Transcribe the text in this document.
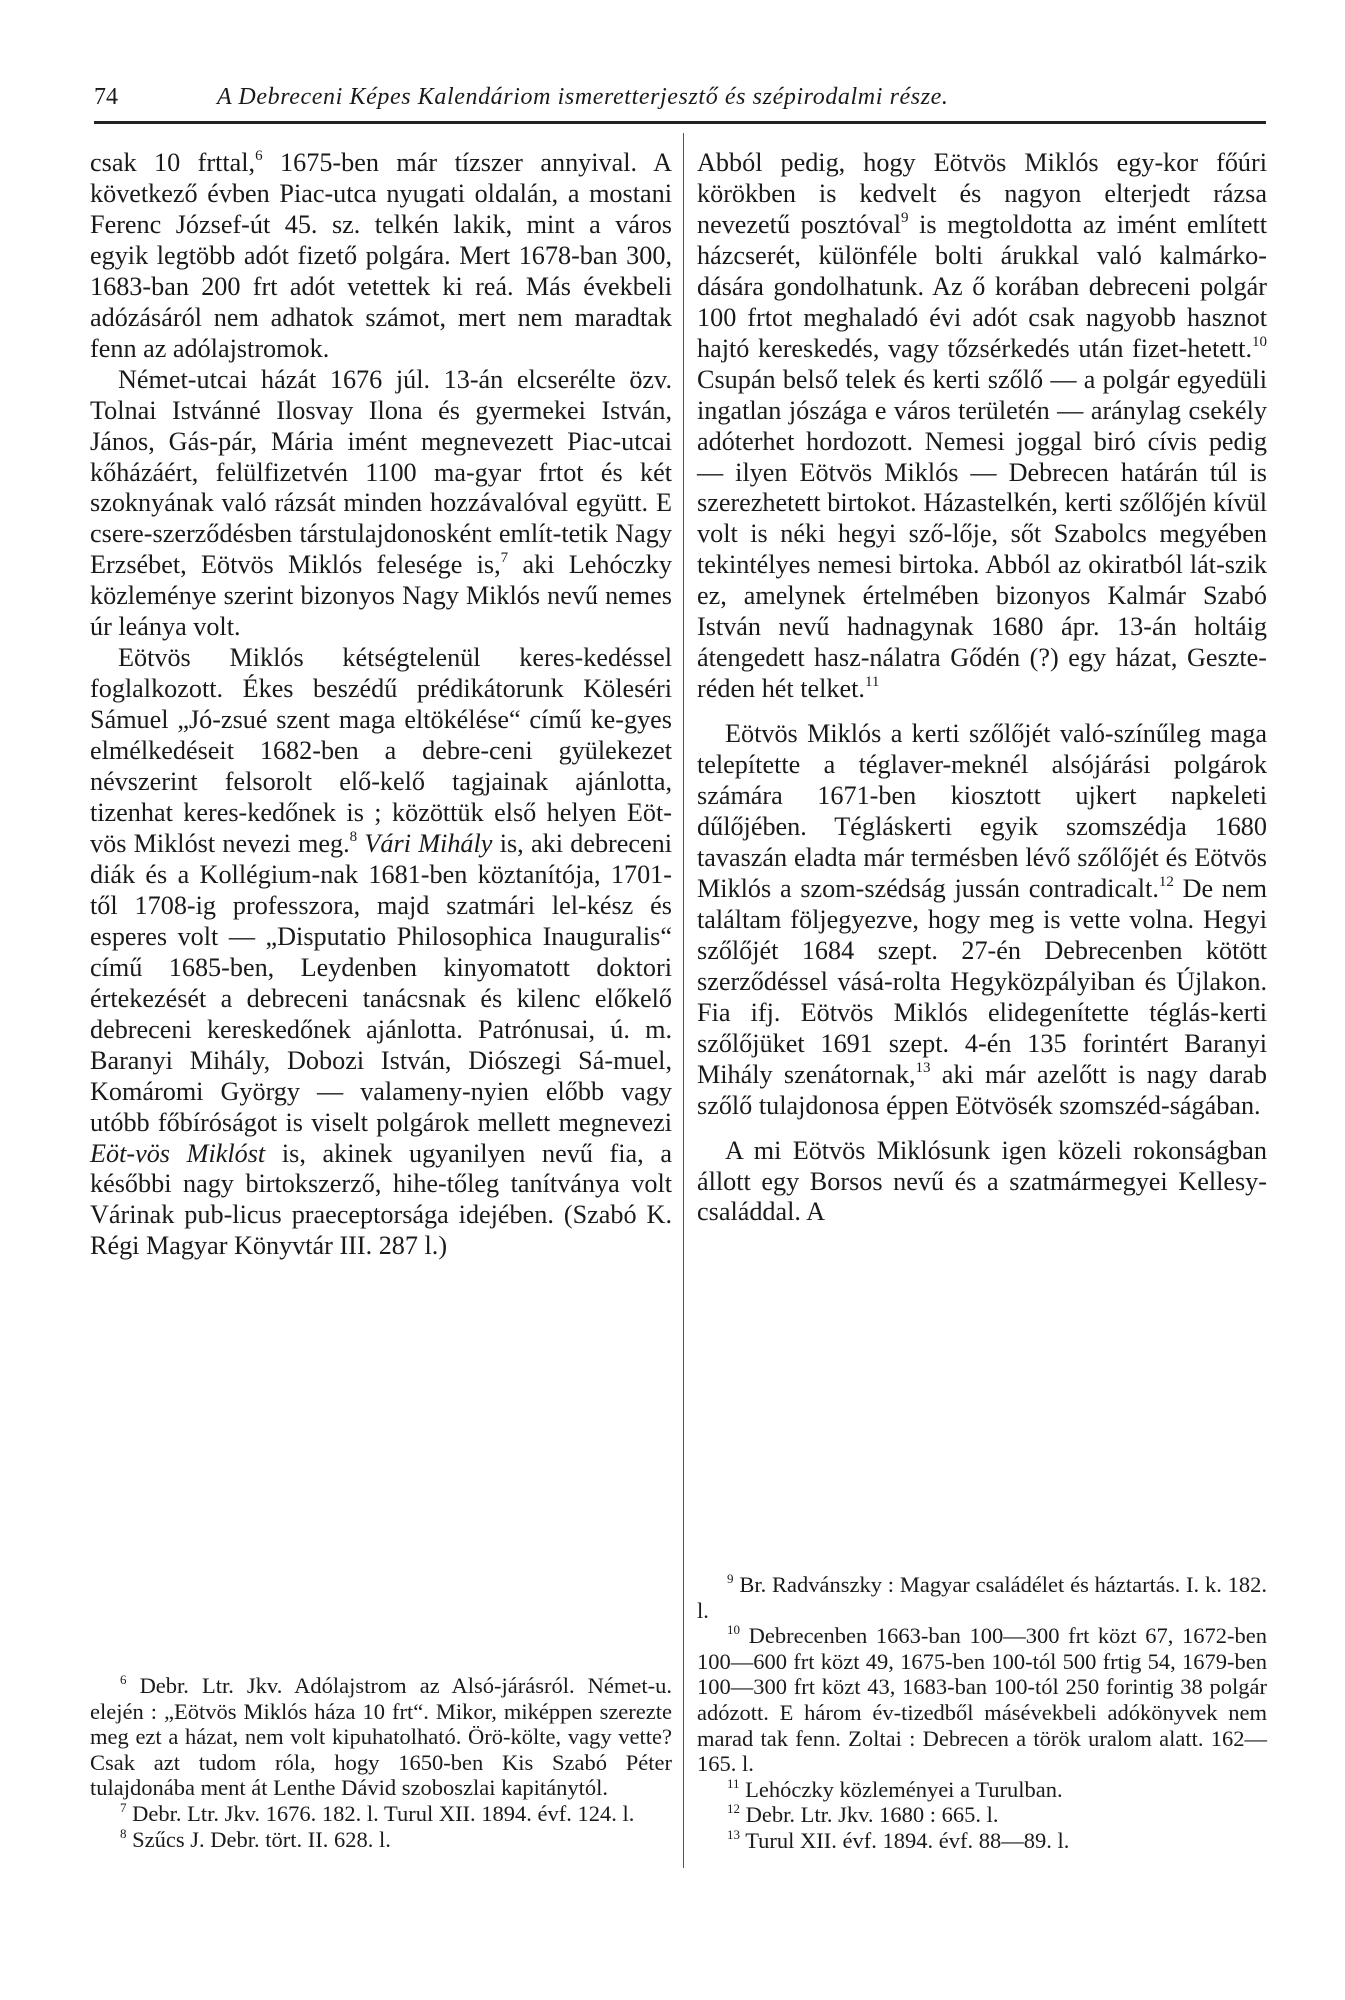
74	A Debreceni Képes Kalendáriom ismeretterjesztő és szépirodalmi része.

csak 10 frttal,$^6$ 1675-ben már tízszer annyival. A következő évben Piac-utca nyugati oldalán, a mostani Ferenc József-út 45. sz. telkén lakik, mint a város egyik legtöbb adót fizető polgára. Mert 1678-ban 300, 1683-ban 200 frt adót vetettek ki reá. Más évekbeli adózásáról nem adhatok számot, mert nem maradtak fenn az adólajstromok.

Német-utcai házát 1676 júl. 13-án elcserélte özv. Tolnai Istvánné Ilosvay Ilona és gyermekei István, János, Gás-pár, Mária imént megnevezett Piac-utcai kőházáért, felülfizetvén 1100 ma-gyar frtot és két szoknyának való rázsát minden hozzávalóval együtt. E csere-szerződésben társtulajdonosként említ-tetik Nagy Erzsébet, Eötvös Miklós felesége is,$^7$ aki Lehóczky közleménye szerint bizonyos Nagy Miklós nevű nemes úr leánya volt.

Eötvös Miklós kétségtelenül keres-kedéssel foglalkozott. Ékes beszédű prédikátorunk Köleséri Sámuel „Jó-zsué szent maga eltökélése“ című ke-gyes elmélkedéseit 1682-ben a debre-ceni gyülekezet névszerint felsorolt elő-kelő tagjainak ajánlotta, tizenhat keres-kedőnek is ; közöttük első helyen Eöt-vös Miklóst nevezi meg.$^8$ Vári Mihály is, aki debreceni diák és a Kollégium-nak 1681-ben köztanítója, 1701-től 1708-ig professzora, majd szatmári lel-kész és esperes volt — „Disputatio Philosophica Inauguralis“ című 1685-ben, Leydenben kinyomatott doktori értekezését a debreceni tanácsnak és kilenc előkelő debreceni kereskedőnek ajánlotta. Patrónusai, ú. m. Baranyi Mihály, Dobozi István, Diószegi Sá-muel, Komáromi György — valameny-nyien előbb vagy utóbb főbíróságot is viselt polgárok mellett megnevezi Eöt-vös Miklóst is, akinek ugyanilyen nevű fia, a későbbi nagy birtokszerző, hihe-tőleg tanítványa volt Várinak pub-licus praeceptorsága idejében. (Szabó K. Régi Magyar Könyvtár III. 287 l.)

$^6$ Debr. Ltr. Jkv. Adólajstrom az Alsó-járásról. Német-u. elején : „Eötvös Miklós háza 10 frt“. Mikor, miképpen szerezte meg ezt a házat, nem volt kipuhatolható. Örö-költe, vagy vette? Csak azt tudom róla, hogy 1650-ben Kis Szabó Péter tulajdonába ment át Lenthe Dávid szoboszlai kapitánytól.

$^7$ Debr. Ltr. Jkv. 1676. 182. l. Turul XII. 1894. évf. 124. l.

$^8$ Szűcs J. Debr. tört. II. 628. l.

Abból pedig, hogy Eötvös Miklós egy-kor főúri körökben is kedvelt és nagyon elterjedt rázsa nevezetű posztóval$^9$ is megtoldotta az imént említett házcserét, különféle bolti árukkal való kalmárko-dására gondolhatunk. Az ő korában debreceni polgár 100 frtot meghaladó évi adót csak nagyobb hasznot hajtó kereskedés, vagy tőzsérkedés után fizet-hetett.$^{10}$ Csupán belső telek és kerti szőlő — a polgár egyedüli ingatlan jószága e város területén — aránylag csekély adóterhet hordozott. Nemesi joggal biró cívis pedig — ilyen Eötvös Miklós — Debrecen határán túl is szerezhetett birtokot. Házastelkén, kerti szőlőjén kívül volt is néki hegyi sző-lője, sőt Szabolcs megyében tekintélyes nemesi birtoka. Abból az okiratból lát-szik ez, amelynek értelmében bizonyos Kalmár Szabó István nevű hadnagynak 1680 ápr. 13-án holtáig átengedett hasz-nálatra Gődén (?) egy házat, Geszte-réden hét telket.$^{11}$

Eötvös Miklós a kerti szőlőjét való-színűleg maga telepítette a téglaver-meknél alsójárási polgárok számára 1671-ben kiosztott ujkert napkeleti dűlőjében. Tégláskerti egyik szomszédja 1680 tavaszán eladta már termésben lévő szőlőjét és Eötvös Miklós a szom-szédság jussán contradicalt.$^{12}$ De nem találtam följegyezve, hogy meg is vette volna. Hegyi szőlőjét 1684 szept. 27-én Debrecenben kötött szerződéssel vásá-rolta Hegyközpályiban és Újlakon. Fia ifj. Eötvös Miklós elidegenítette téglás-kerti szőlőjüket 1691 szept. 4-én 135 forintért Baranyi Mihály szenátornak,$^{13}$ aki már azelőtt is nagy darab szőlő tulajdonosa éppen Eötvösék szomszéd-ságában.

A mi Eötvös Miklósunk igen közeli rokonságban állott egy Borsos nevű és a szatmármegyei Kellesy-családdal. A

$^9$ Br. Radvánszky : Magyar családélet és háztartás. I. k. 182. l.

$^{10}$ Debrecenben 1663-ban 100—300 frt közt 67, 1672-ben 100—600 frt közt 49, 1675-ben 100-tól 500 frtig 54, 1679-ben 100—300 frt közt 43, 1683-ban 100-tól 250 forintig 38 polgár adózott. E három év-tizedből másévekbeli adókönyvek nem marad tak fenn. Zoltai : Debrecen a török uralom alatt. 162—165. l.

$^{11}$ Lehóczky közleményei a Turulban.

$^{12}$ Debr. Ltr. Jkv. 1680 : 665. l.

$^{13}$ Turul XII. évf. 1894. évf. 88—89. l.
